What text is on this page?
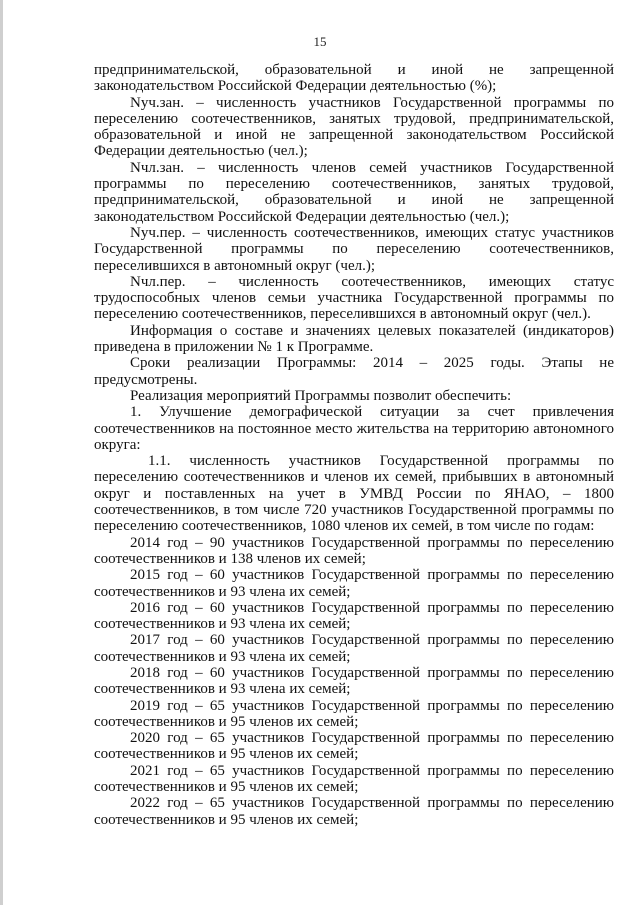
15

предпринимательской, образовательной и иной не запрещенной законодательством Российской Федерации деятельностью (%);

Nуч.зан. – численность участников Государственной программы по переселению соотечественников, занятых трудовой, предпринимательской, образовательной и иной не запрещенной законодательством Российской Федерации деятельностью (чел.);

Nчл.зан. – численность членов семей участников Государственной программы по переселению соотечественников, занятых трудовой, предпринимательской, образовательной и иной не запрещенной законодательством Российской Федерации деятельностью (чел.);

Nуч.пер. – численность соотечественников, имеющих статус участников Государственной программы по переселению соотечественников, переселившихся в автономный округ (чел.);

Nчл.пер. – численность соотечественников, имеющих статус трудоспособных членов семьи участника Государственной программы по переселению соотечественников, переселившихся в автономный округ (чел.).

Информация о составе и значениях целевых показателей (индикаторов) приведена в приложении № 1 к Программе.

Сроки реализации Программы: 2014 – 2025 годы. Этапы не предусмотрены.

Реализация мероприятий Программы позволит обеспечить:

1. Улучшение демографической ситуации за счет привлечения соотечественников на постоянное место жительства на территорию автономного округа:

1.1. численность участников Государственной программы по переселению соотечественников и членов их семей, прибывших в автономный округ и поставленных на учет в УМВД России по ЯНАО, – 1800 соотечественников, в том числе 720 участников Государственной программы по переселению соотечественников, 1080 членов их семей, в том числе по годам:

2014 год – 90 участников Государственной программы по переселению соотечественников и 138 членов их семей;

2015 год – 60 участников Государственной программы по переселению соотечественников и 93 члена их семей;

2016 год – 60 участников Государственной программы по переселению соотечественников и 93 члена их семей;

2017 год – 60 участников Государственной программы по переселению соотечественников и 93 члена их семей;

2018 год – 60 участников Государственной программы по переселению соотечественников и 93 члена их семей;

2019 год – 65 участников Государственной программы по переселению соотечественников и 95 членов их семей;

2020 год – 65 участников Государственной программы по переселению соотечественников и 95 членов их семей;

2021 год – 65 участников Государственной программы по переселению соотечественников и 95 членов их семей;

2022 год – 65 участников Государственной программы по переселению соотечественников и 95 членов их семей;
